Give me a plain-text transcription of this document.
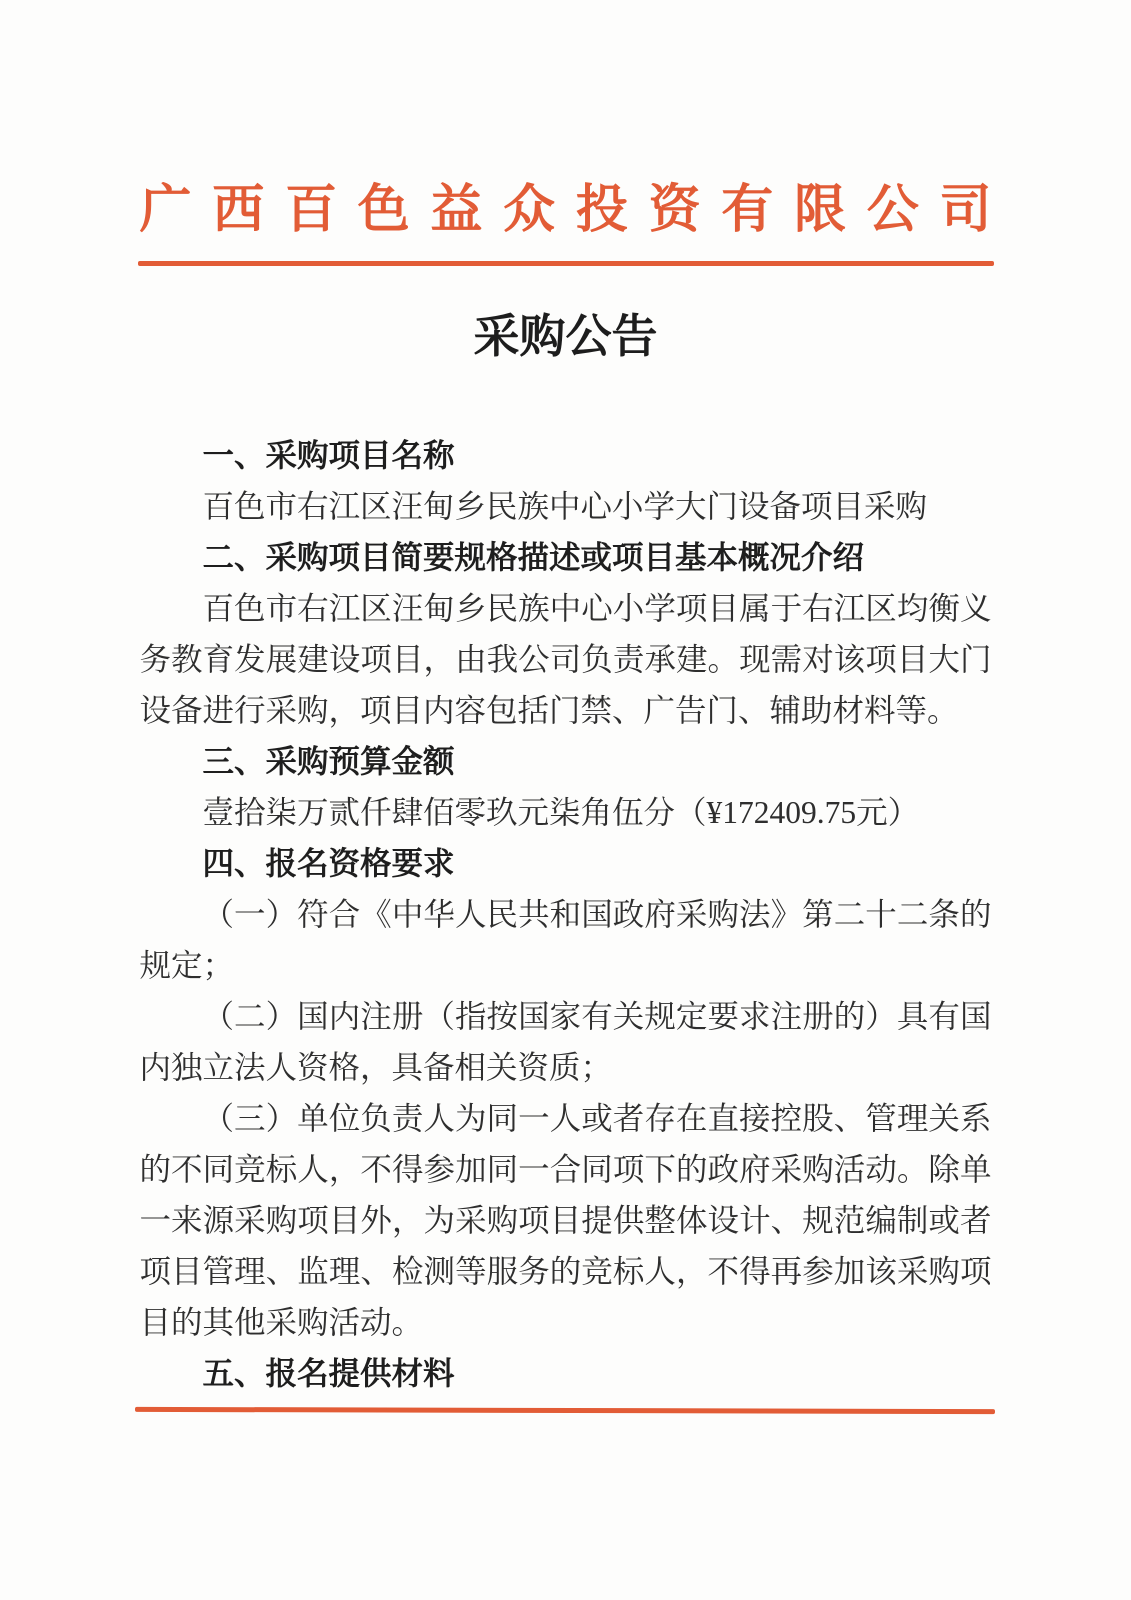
广西百色益众投资有限公司
采购公告
一、采购项目名称

百色市右江区汪甸乡民族中心小学大门设备项目采购

二、采购项目简要规格描述或项目基本概况介绍

百色市右江区汪甸乡民族中心小学项目属于右江区均衡义务教育发展建设项目，由我公司负责承建。现需对该项目大门设备进行采购，项目内容包括门禁、广告门、辅助材料等。

三、采购预算金额

壹拾柒万贰仟肆佰零玖元柒角伍分（¥172409.75元）

四、报名资格要求

（一）符合《中华人民共和国政府采购法》第二十二条的规定；

（二）国内注册（指按国家有关规定要求注册的）具有国内独立法人资格，具备相关资质；

（三）单位负责人为同一人或者存在直接控股、管理关系的不同竞标人，不得参加同一合同项下的政府采购活动。除单一来源采购项目外，为采购项目提供整体设计、规范编制或者项目管理、监理、检测等服务的竞标人，不得再参加该采购项目的其他采购活动。

五、报名提供材料
